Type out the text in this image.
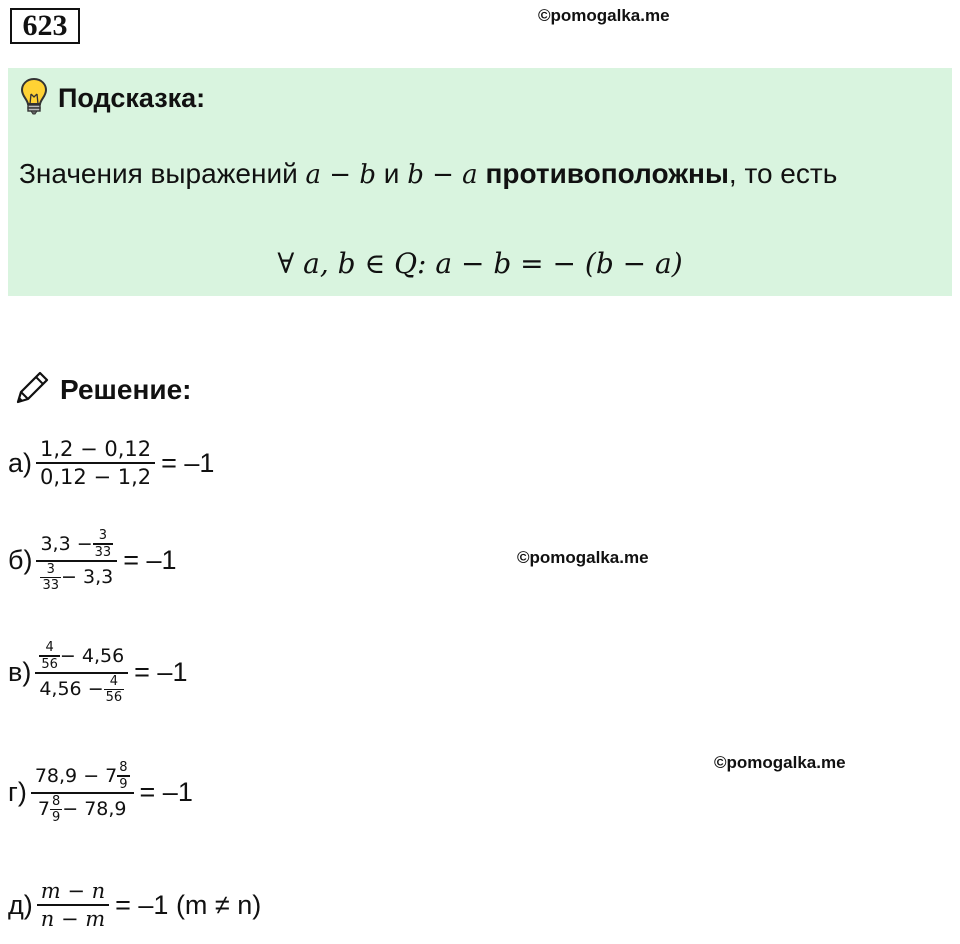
623	©pomogalka.me
©pomogalka.me
©pomogalka.me
Подсказка:
Значения выражений a − b и b − a противоположны, то есть
∀ a, b ∈ Q: a − b = − (b − a)
Решение:
$а) \frac{1,2 - 0,12}{0,12 - 1,2} = -1$
$б) \frac{3,3 - \frac{3}{33}}{\frac{3}{33} - 3,3} = -1$
$в) \frac{\frac{4}{56} - 4,56}{4,56 - \frac{4}{56}} = -1$
$г) \frac{78,9 - 7 \frac{8}{9}}{7 \frac{8}{9} - 78,9} = -1$
$д) \frac{m - n}{n - m} = -1$ (m ≠ n)
